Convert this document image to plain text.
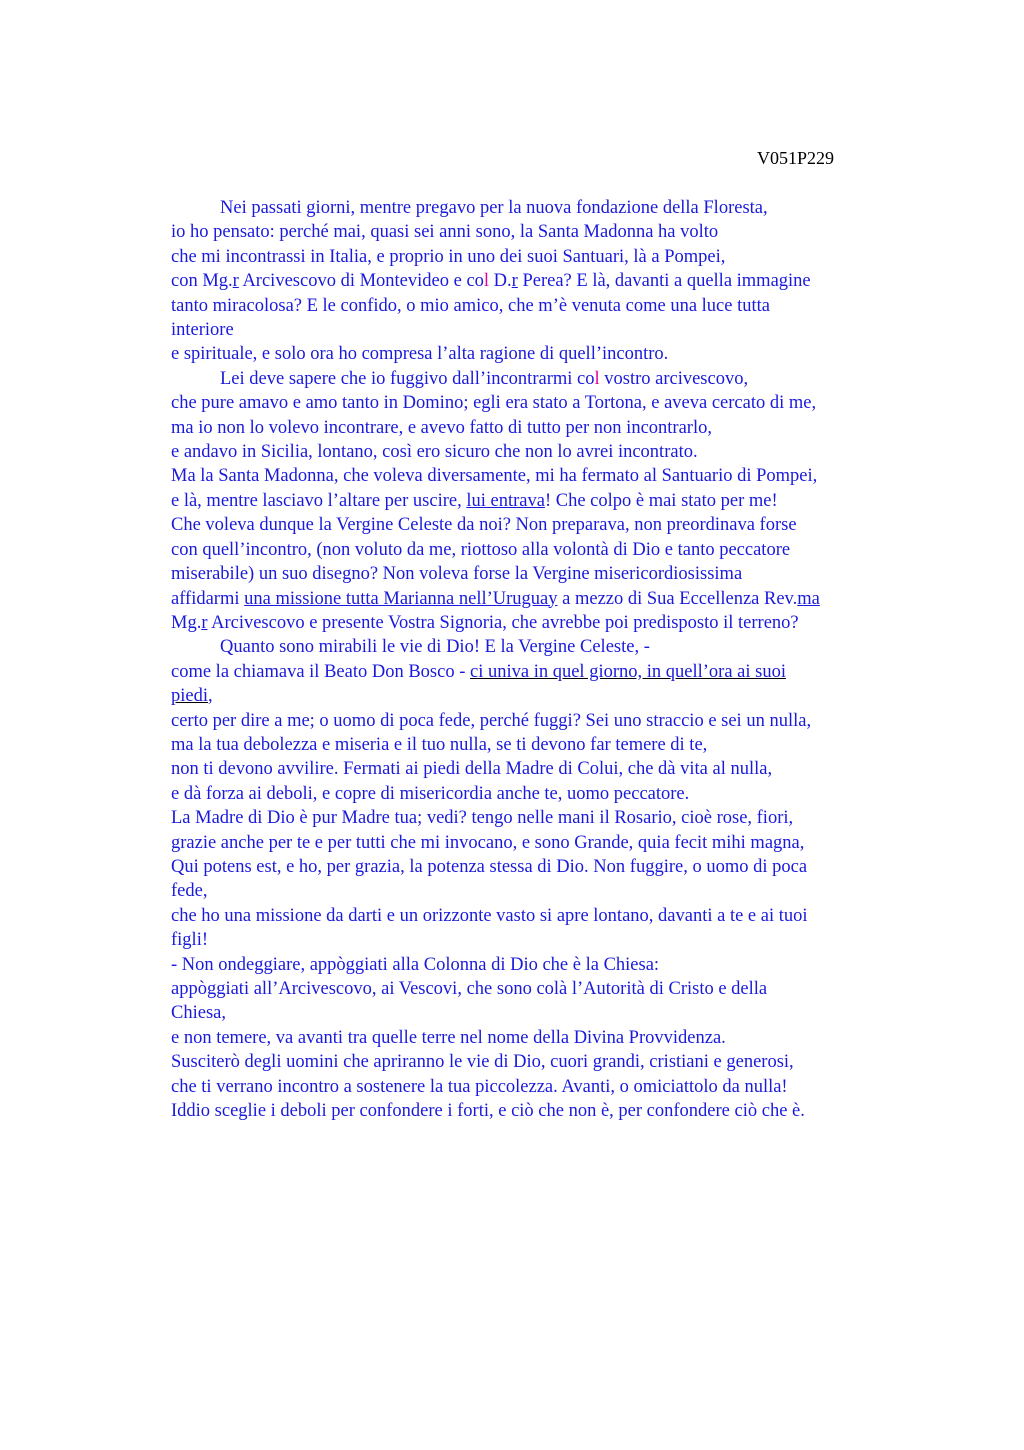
V051P229
Nei passati giorni, mentre pregavo per la nuova fondazione della Floresta,
io ho pensato: perché mai, quasi sei anni sono, la Santa Madonna ha volto
che mi incontrassi in Italia, e proprio in uno dei suoi Santuari, là a Pompei,
con Mg.r Arcivescovo di Montevideo e col D.r Perea? E là, davanti a quella immagine
tanto miracolosa? E le confido, o mio amico, che m’è venuta come una luce tutta
interiore
e spirituale, e solo ora ho compresa l’alta ragione di quell’incontro.
Lei deve sapere che io fuggivo dall’incontrarmi col vostro arcivescovo,
che pure amavo e amo tanto in Domino; egli era stato a Tortona, e aveva cercato di me,
ma io non lo volevo incontrare, e avevo fatto di tutto per non incontrarlo,
e andavo in Sicilia, lontano, così ero sicuro che non lo avrei incontrato.
Ma la Santa Madonna, che voleva diversamente, mi ha fermato al Santuario di Pompei,
e là, mentre lasciavo l’altare per uscire, lui entrava! Che colpo è mai stato per me!
Che voleva dunque la Vergine Celeste da noi? Non preparava, non preordinava forse
con quell’incontro, (non voluto da me, riottoso alla volontà di Dio e tanto peccatore
miserabile) un suo disegno? Non voleva forse la Vergine misericordiosissima
affidarmi una missione tutta Marianna nell’Uruguay a mezzo di Sua Eccellenza Rev.ma
Mg.r Arcivescovo e presente Vostra Signoria, che avrebbe poi predisposto il terreno?
Quanto sono mirabili le vie di Dio! E la Vergine Celeste, -
come la chiamava il Beato Don Bosco - ci univa in quel giorno, in quell’ora ai suoi
piedi,
certo per dire a me; o uomo di poca fede, perché fuggi? Sei uno straccio e sei un nulla,
ma la tua debolezza e miseria e il tuo nulla, se ti devono far temere di te,
non ti devono avvilire. Fermati ai piedi della Madre di Colui, che dà vita al nulla,
e dà forza ai deboli, e copre di misericordia anche te, uomo peccatore.
La Madre di Dio è pur Madre tua; vedi? tengo nelle mani il Rosario, cioè rose, fiori,
grazie anche per te e per tutti che mi invocano, e sono Grande, quia fecit mihi magna,
Qui potens est, e ho, per grazia, la potenza stessa di Dio. Non fuggire, o uomo di poca
fede,
che ho una missione da darti e un orizzonte vasto si apre lontano, davanti a te e ai tuoi
figli!
- Non ondeggiare, appòggiati alla Colonna di Dio che è la Chiesa:
appòggiati all’Arcivescovo, ai Vescovi, che sono colà l’Autorità di Cristo e della
Chiesa,
e non temere, va avanti tra quelle terre nel nome della Divina Provvidenza.
Susciterò degli uomini che apriranno le vie di Dio, cuori grandi, cristiani e generosi,
che ti verrano incontro a sostenere la tua piccolezza. Avanti, o omiciattolo da nulla!
Iddio sceglie i deboli per confondere i forti, e ciò che non è, per confondere ciò che è.
